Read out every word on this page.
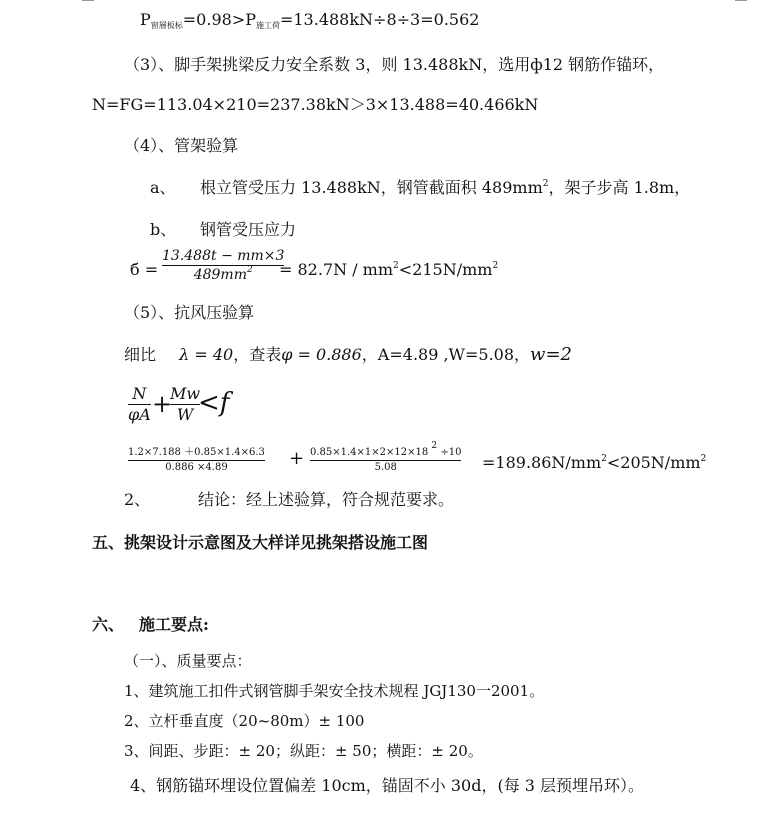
P窗層板标=0.98>P施工荷=13.488kN÷8÷3=0.562
（3）、脚手架挑梁反力安全系数 3，则 13.488kN，选用ф12 钢筋作锚环，
N=FG=113.04×210=237.38kN＞3×13.488=40.466kN
（4）、管架验算
a、 根立管受压力 13.488kN，钢管截面积 $489mm^2$，架子步高 1.8m，
b、 钢管受压应力
б =
13.488t − mm×3
$489mm^2 = 82.7N / mm^2<215N/mm^2$
（5）、抗风压验算
细比 λ = 40，查表φ = 0.886，A=4.89 ,W=5.08，w=2
N
φA +
Mw
W <f
1.2×7.188 ＋0.85×1.4×6.3
0.886 ×4.89	+ 0.85×1.4×1×2×12×18 2 ÷10
5.08	$=189.86N/mm^2<205N/mm^2$
2、	结论：经上述验算，符合规范要求。
五、挑架设计示意图及大样详见挑架搭设施工图
六、 施工要点:
（一）、质量要点：
1、建筑施工扣件式钢管脚手架安全技术规程 JGJ130一2001。
2、立杆垂直度（20~80m）± 100
3、间距、步距：± 20；纵距：± 50；横距：± 20。
4、钢筋锚环埋设位置偏差 10cm，锚固不小 30d，(每 3 层预埋吊环）。
